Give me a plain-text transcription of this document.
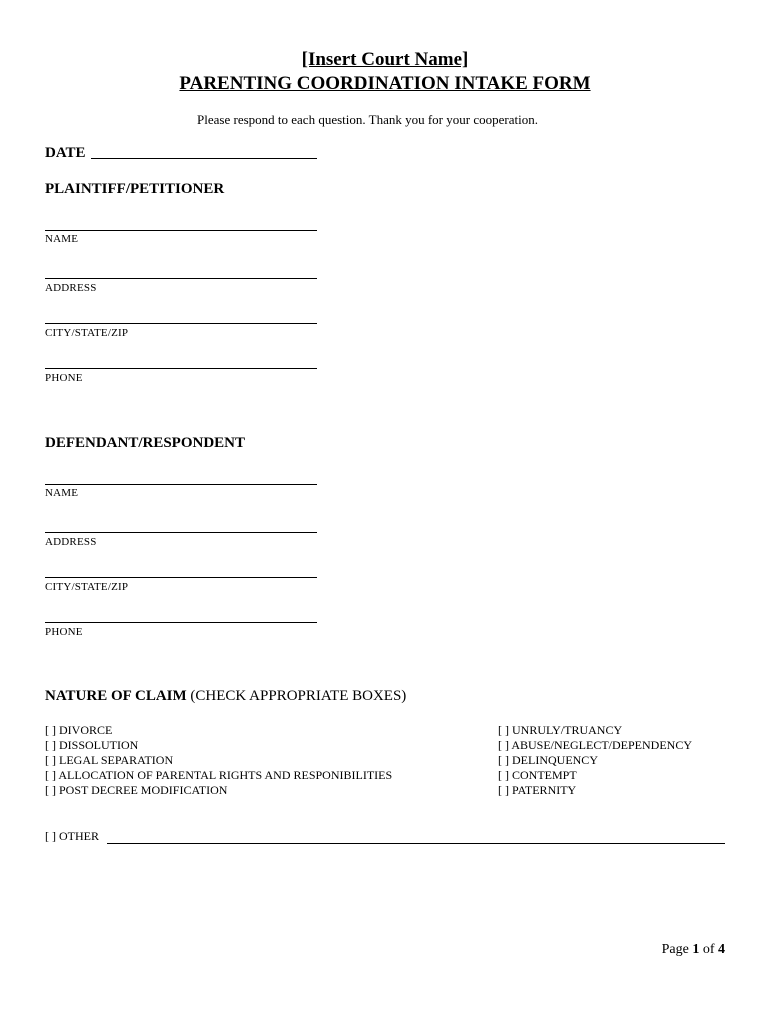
[Insert Court Name]
PARENTING COORDINATION INTAKE FORM
Please respond to each question. Thank you for your cooperation.
DATE
PLAINTIFF/PETITIONER
NAME
ADDRESS
CITY/STATE/ZIP
PHONE
DEFENDANT/RESPONDENT
NAME
ADDRESS
CITY/STATE/ZIP
PHONE
NATURE OF CLAIM (CHECK APPROPRIATE BOXES)
[ ] DIVORCE
[ ] DISSOLUTION
[ ] LEGAL SEPARATION
[ ] ALLOCATION OF PARENTAL RIGHTS AND RESPONIBILITIES
[ ] POST DECREE MODIFICATION
[ ] UNRULY/TRUANCY
[ ] ABUSE/NEGLECT/DEPENDENCY
[ ] DELINQUENCY
[ ] CONTEMPT
[ ] PATERNITY
[ ] OTHER
Page 1 of 4
